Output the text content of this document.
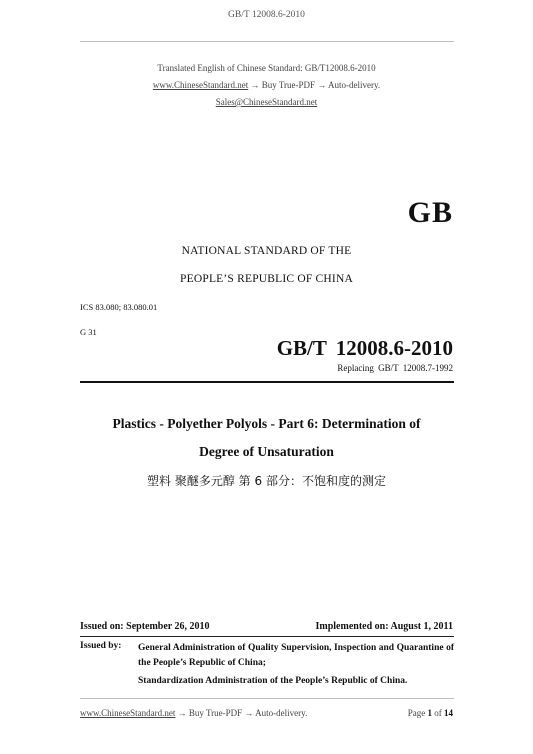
GB/T 12008.6-2010
Translated English of Chinese Standard: GB/T12008.6-2010
www.ChineseStandard.net → Buy True-PDF → Auto-delivery.
Sales@ChineseStandard.net
GB
NATIONAL STANDARD OF THE
PEOPLE’S REPUBLIC OF CHINA
ICS 83.080; 83.080.01
G 31
GB/T 12008.6-2010
Replacing GB/T 12008.7-1992
Plastics - Polyether Polyols - Part 6: Determination of
Degree of Unsaturation
塑料 聚醚多元醇 第 6 部分：不饱和度的测定
Issued on: September 26, 2010	Implemented on: August 1, 2011
Issued by: General Administration of Quality Supervision, Inspection and Quarantine of the People’s Republic of China;
Standardization Administration of the People’s Republic of China.
www.ChineseStandard.net → Buy True-PDF → Auto-delivery.	Page 1 of 14
